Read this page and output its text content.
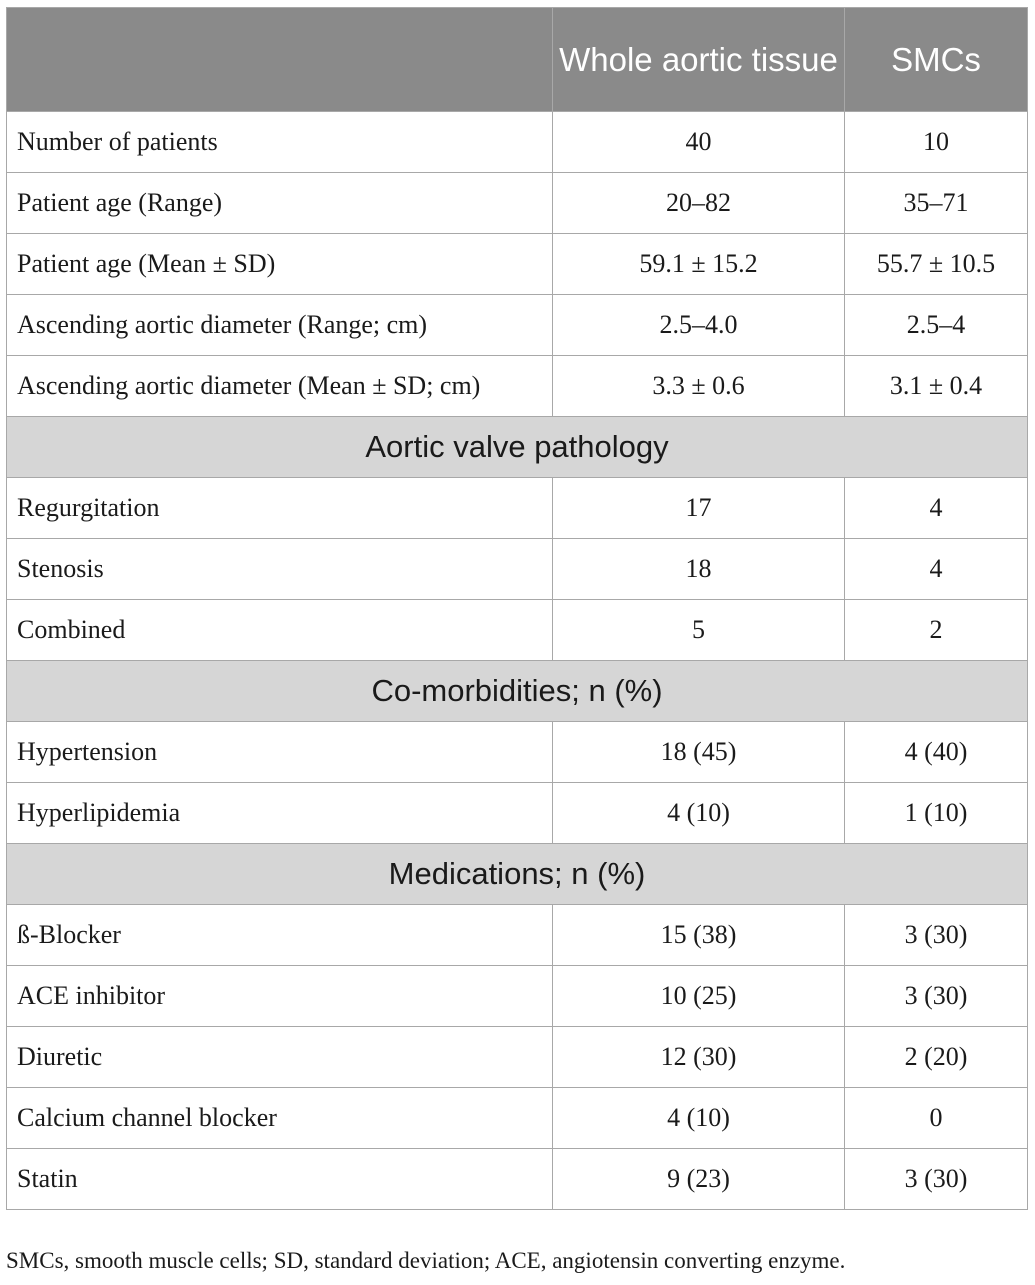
	Whole aortic tissue	SMCs
Number of patients	40	10
Patient age (Range)	20–82	35–71
Patient age (Mean ± SD)	59.1 ± 15.2	55.7 ± 10.5
Ascending aortic diameter (Range; cm)	2.5–4.0	2.5–4
Ascending aortic diameter (Mean ± SD; cm)	3.3 ± 0.6	3.1 ± 0.4
Aortic valve pathology		
Regurgitation	17	4
Stenosis	18	4
Combined	5	2
Co-morbidities; n (%)		
Hypertension	18 (45)	4 (40)
Hyperlipidemia	4 (10)	1 (10)
Medications; n (%)		
ß-Blocker	15 (38)	3 (30)
ACE inhibitor	10 (25)	3 (30)
Diuretic	12 (30)	2 (20)
Calcium channel blocker	4 (10)	0
Statin	9 (23)	3 (30)
SMCs, smooth muscle cells; SD, standard deviation; ACE, angiotensin converting enzyme.
